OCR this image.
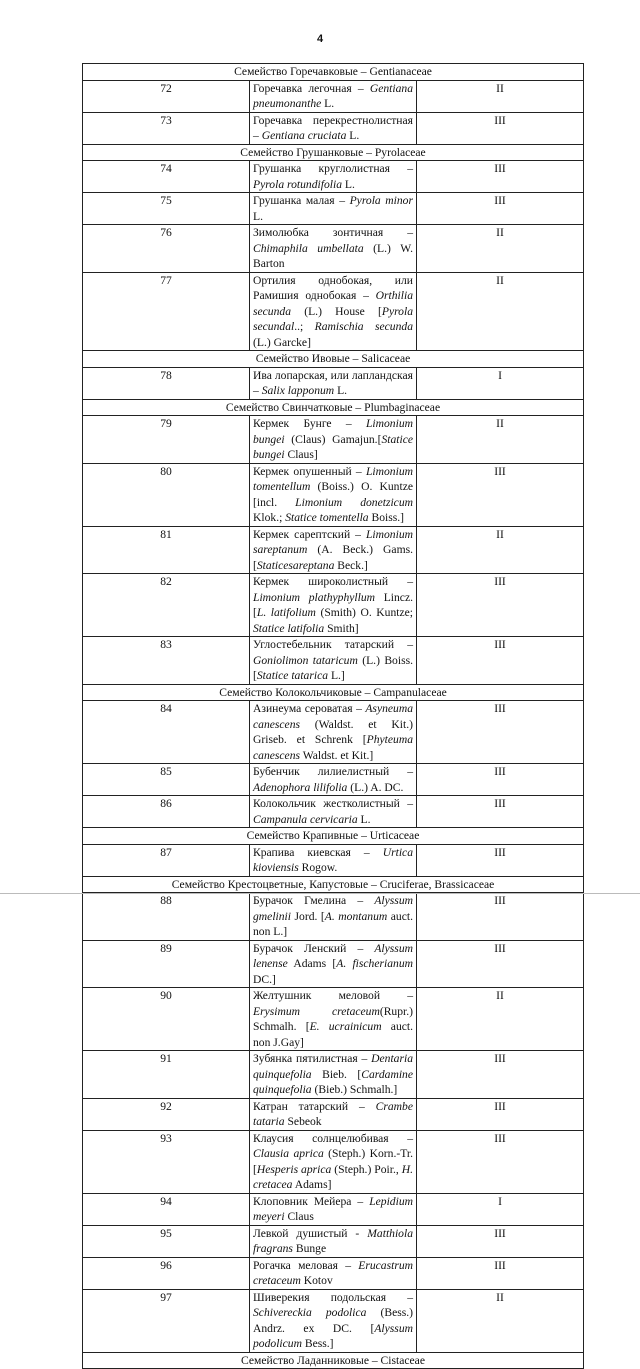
4
Семейство Горечавковые – Gentianaceae		
72	Горечавка легочная – Gentiana pneumonanthe L.	II
73	Горечавка перекрестнолистная – Gentiana cruciata L.	III
Семейство Грушанковые – Pyrolaceae		
74	Грушанка круглолистная – Pyrola rotundifolia L.	III
75	Грушанка малая – Pyrola minor L.	III
76	Зимолюбка зонтичная – Chimaphila umbellata (L.) W. Barton	II
77	Ортилия однобокая, или Рамишия однобокая – Orthilia secunda (L.) House [Pyrola secundal..; Ramischia secunda (L.) Garcke]	II
Семейство Ивовые – Salicaceae		
78	Ива лопарская, или лапландская – Salix lapponum L.	I
Семейство Свинчатковые – Plumbaginaceae		
79	Кермек Бунге – Limonium bungei (Claus) Gamajun.[Statice bungei Claus]	II
80	Кермек опушенный – Limonium tomentellum (Boiss.) O. Kuntze [incl. Limonium donetzicum Klok.; Statice tomentella Boiss.]	III
81	Кермек сарептский – Limonium sareptanum (A. Beck.) Gams.[Staticesareptana Beck.]	II
82	Кермек широколистный – Limonium plathyphyllum Lincz. [L. latifolium (Smith) O. Kuntze; Statice latifolia Smith]	III
83	Углостебельник татарский – Goniolimon tataricum (L.) Boiss. [Statice tatarica L.]	III
Семейство Колокольчиковые – Campanulaceae		
84	Азинеума сероватая – Asyneuma canescens (Waldst. et Kit.) Griseb. et Schrenk [Phyteuma canescens Waldst. et Kit.]	III
85	Бубенчик лилиелистный – Adenophora lilifolia (L.) A. DC.	III
86	Колокольчик жестколистный – Campanula cervicaria L.	III
Семейство Крапивные – Urticaceae		
87	Крапива киевская – Urtica kioviensis Rogow.	III
Семейство Крестоцветные, Капустовые – Cruciferae, Brassicaceae		
88	Бурачок Гмелина – Alyssum gmelinii Jord. [A. montanum auct. non L.]	III
89	Бурачок Ленский – Alyssum lenense Adams [A. fischerianum DC.]	III
90	Желтушник меловой – Erysimum cretaceum(Rupr.) Schmalh. [E. ucrainicum auct. non J.Gay]	II
91	Зубянка пятилистная – Dentaria quinquefolia Bieb. [Cardamine quinquefolia (Bieb.) Schmalh.]	III
92	Катран татарский – Crambe tataria Sebeok	III
93	Клаусия солнцелюбивая – Clausia aprica (Steph.) Korn.-Tr. [Hesperis aprica (Steph.) Poir., H. cretacea Adams]	III
94	Клоповник Мейера – Lepidium meyeri Claus	I
95	Левкой душистый - Matthiola fragrans Bunge	III
96	Рогачка меловая – Erucastrum cretaceum Kotov	III
97	Шиверекия подольская – Schivereckia podolica (Bess.) Andrz. ex DC. [Alyssum podolicum Bess.]	II
Семейство Ладанниковые – Cistaceae		
